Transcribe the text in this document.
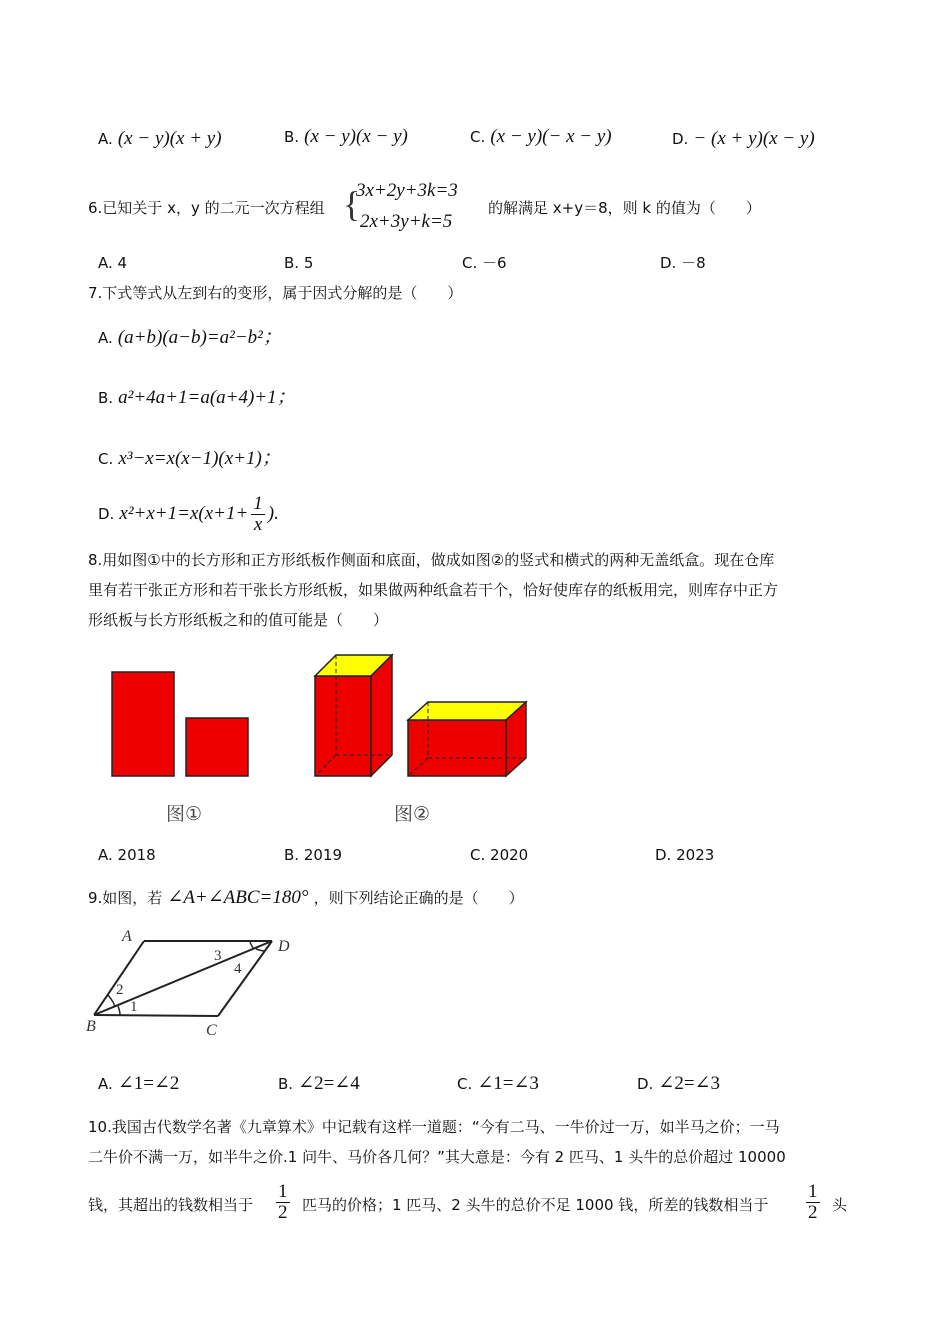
A. (x − y)(x + y)	B. (x − y)(x − y)	C. (x − y)(− x − y)	D. − (x + y)(x − y)
6.已知关于 x，y 的二元一次方程组 {
3x+2y+3k=3
2x+3y+k=5
的解满足 x+y＝8，则 k 的值为（　　）
A. 4	B. 5	C. －6	D. －8
7.下式等式从左到右的变形，属于因式分解的是（　　）
A. (a+b)(a−b)=a²−b²；
B. a²+4a+1=a(a+4)+1；
C. x³−x=x(x−1)(x+1)；
D. $x^2+x+1=x(x+1+ \frac{1}{x}$ ).
8.用如图①中的长方形和正方形纸板作侧面和底面，做成如图②的竖式和横式的两种无盖纸盒。现在仓库
里有若干张正方形和若干张长方形纸板，如果做两种纸盒若干个，恰好使库存的纸板用完，则库存中正方
形纸板与长方形纸板之和的值可能是（　　）
图①	图②
A. 2018	B. 2019	C. 2020	D. 2023
9.如图，若 ∠A+∠ABC=180° ，则下列结论正确的是（　　）
A
B	C
D
1
2
3
4
A. ∠1=∠2	B. ∠2=∠4	C. ∠1=∠3	D. ∠2=∠3
10.我国古代数学名著《九章算术》中记载有这样一道题：“今有二马、一牛价过一万，如半马之价；一马
二牛价不满一万，如半牛之价.1 问牛、马价各几何？”其大意是：今有 2 匹马、1 头牛的总价超过 10000
钱，其超出的钱数相当于 $\frac{1}{2}$ 匹马的价格；1 匹马、2 头牛的总价不足 1000 钱，所差的钱数相当于 $\frac{1}{2}$ 头
